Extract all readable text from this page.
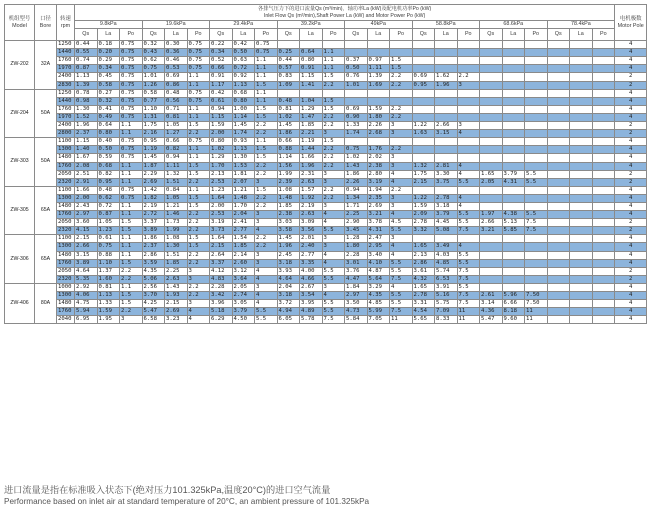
机组型号
Model	口径
Bore	转速
rpm	各排气压力下的进口流量Qs (m³/min)，轴功率La (kW)及配电机功率Po (kW)
Inlet Flow Qs (m³/min),Shaft Power La (kW) and Motor Power Po (kW)																								电机极数
Motor Pole
			9.8kPa			19.6kPa			29.4kPa			39.2kPa			49kPa			58.8kPa			68.6kPa			78.4kPa			
			Qs	La	Po	Qs	La	Po	Qs	La	Po	Qs	La	Po	Qs	La	Po	Qs	La	Po	Qs	La	Po	Qs	La	Po	
ZW-202	32A	1250	0.44	0.18	0.75	0.32	0.30	0.75	0.22	0.42	0.75																4
		1440	0.55	0.20	0.75	0.43	0.36	0.75	0.34	0.50	0.75	0.25	0.64	1.1													4
		1760	0.74	0.29	0.75	0.62	0.46	0.75	0.52	0.63	1.1	0.44	0.80	1.1	0.37	0.97	1.5										4
		1970	0.87	0.34	0.75	0.75	0.53	0.75	0.66	0.72	1.1	0.57	0.91	1.1	0.50	1.11	1.5										4
		2400	1.13	0.45	0.75	1.01	0.69	1.1	0.91	0.92	1.1	0.83	1.15	1.5	0.76	1.39	2.2	0.69	1.62	2.2							2
		2830	1.39	0.58	0.75	1.26	0.86	1.1	1.17	1.13	1.5	1.09	1.41	2.2	1.01	1.69	2.2	0.95	1.96	3							2
ZW-204	50A	1250	0.78	0.27	0.75	0.58	0.48	0.75	0.42	0.68	1.1																4
		1440	0.98	0.32	0.75	0.77	0.56	0.75	0.61	0.80	1.1	0.48	1.04	1.5													4
		1760	1.30	0.41	0.75	1.10	0.71	1.1	0.94	1.00	1.5	0.81	1.29	1.5	0.69	1.59	2.2										4
		1970	1.52	0.49	0.75	1.31	0.81	1.1	1.15	1.14	1.5	1.02	1.47	2.2	0.90	1.80	2.2										4
		2400	1.96	0.64	1.1	1.75	1.05	1.5	1.59	1.45	2.2	1.45	1.85	2.2	1.33	2.26	3	1.22	2.66	3							2
		2800	2.37	0.80	1.1	2.16	1.27	2.2	2.00	1.74	2.2	1.86	2.21	3	1.74	2.68	3	1.63	3.15	4							2
ZW-303	50A	1100	1.15	0.40	0.75	0.95	0.66	0.75	0.80	0.93	1.1	0.66	1.19	1.5													4
		1300	1.40	0.50	0.75	1.19	0.82	1.1	1.02	1.13	1.5	0.88	1.44	2.2	0.75	1.76	2.2										4
		1480	1.67	0.59	0.75	1.45	0.94	1.1	1.29	1.30	1.5	1.14	1.66	2.2	1.02	2.02	3										4
		1760	2.08	0.68	1.1	1.87	1.11	1.5	1.70	1.53	2.2	1.56	1.96	2.2	1.43	2.38	3	1.32	2.81	4							4
		2050	2.51	0.82	1.1	2.29	1.32	1.5	2.13	1.81	2.2	1.99	2.31	3	1.86	2.80	4	1.75	3.30	4	1.65	3.79	5.5				2
		2320	2.91	0.95	1.1	2.69	1.51	2.2	2.53	2.07	3	2.39	2.63	3	2.26	3.19	4	2.15	3.75	5.5	2.05	4.31	5.5				2
ZW-305	65A	1100	1.66	0.48	0.75	1.42	0.84	1.1	1.23	1.21	1.5	1.08	1.57	2.2	0.94	1.94	2.2										4
		1300	2.00	0.62	0.75	1.82	1.05	1.5	1.64	1.48	2.2	1.48	1.92	2.2	1.34	2.35	3	1.22	2.78	4							4
		1480	2.43	0.72	1.1	2.19	1.21	1.5	2.00	1.70	2.2	1.85	2.19	3	1.71	2.69	3	1.59	3.18	4							4
		1760	2.97	0.87	1.1	2.72	1.46	2.2	2.53	2.04	3	2.38	2.63	4	2.25	3.21	4	2.09	3.79	5.5	1.97	4.38	5.5				4
		2050	3.60	1.05	1.5	3.37	1.73	2.2	3.19	2.41	3	3.03	3.09	4	2.90	3.78	4.5	2.78	4.45	5.5	2.66	5.13	7.5				2
		2320	4.15	1.23	1.5	3.89	1.99	2.2	3.73	2.77	4	3.58	3.56	5.5	3.45	4.31	5.5	3.32	5.08	7.5	3.21	5.85	7.5				2
ZW-306	65A	1100	2.15	0.61	1.1	1.86	1.08	1.5	1.64	1.54	2.2	1.45	2.01	3	1.28	2.47	3										4
		1300	2.66	0.75	1.1	2.37	1.30	1.5	2.15	1.85	2.2	1.96	2.40	3	1.80	2.95	4	1.65	3.49	4							4
		1480	3.15	0.88	1.1	2.86	1.51	2.2	2.64	2.14	3	2.45	2.77	4	2.28	3.40	4	2.13	4.03	5.5							4
		1760	3.89	1.10	1.5	3.59	1.85	2.2	3.37	2.60	3	3.18	3.35	4	3.01	4.10	5.5	2.86	4.85	5.5							4
		2050	4.64	1.37	2.2	4.35	2.25	3	4.12	3.12	4	3.93	4.00	5.5	3.76	4.87	5.5	3.61	5.74	7.5							2
		2320	5.35	1.60	2.2	5.06	2.63	3	4.83	3.64	4	4.64	4.66	5.5	4.47	5.64	7.5	4.32	6.53	7.5							2
ZW-406	80A	1000	2.92	0.81	1.1	2.56	1.43	2.2	2.28	2.05	3	2.04	2.67	3	1.84	3.29	4	1.65	3.91	5.5							4
		1300	4.06	1.13	1.5	3.70	1.93	2.2	3.42	2.74	4	3.18	3.54	4	2.97	4.35	5.5	2.78	5.16	7.5	2.61	5.96	7.50				4
		1480	4.75	1.33	1.5	4.25	2.15	3	3.96	3.05	4	3.72	3.95	5.5	3.50	4.85	5.5	3.31	5.75	7.5	3.14	6.66	7.50				4
		1760	5.94	1.59	2.2	5.47	2.69	4	5.18	3.79	5.5	4.94	4.89	5.5	4.73	5.99	7.5	4.54	7.09	11	4.36	8.18	11				4
		2040	6.95	1.95	3	6.58	3.23	4	6.29	4.50	5.5	6.05	5.78	7.5	5.84	7.05	11	5.65	8.33	11	5.47	9.60	11				4
进口流量是指在标准吸入状态下(绝对压力101.325kPa,温度20°C)的进口空气流量
Performance based on inlet air at standard temperature of 20°C, an ambient pressure of 101.325kPa
